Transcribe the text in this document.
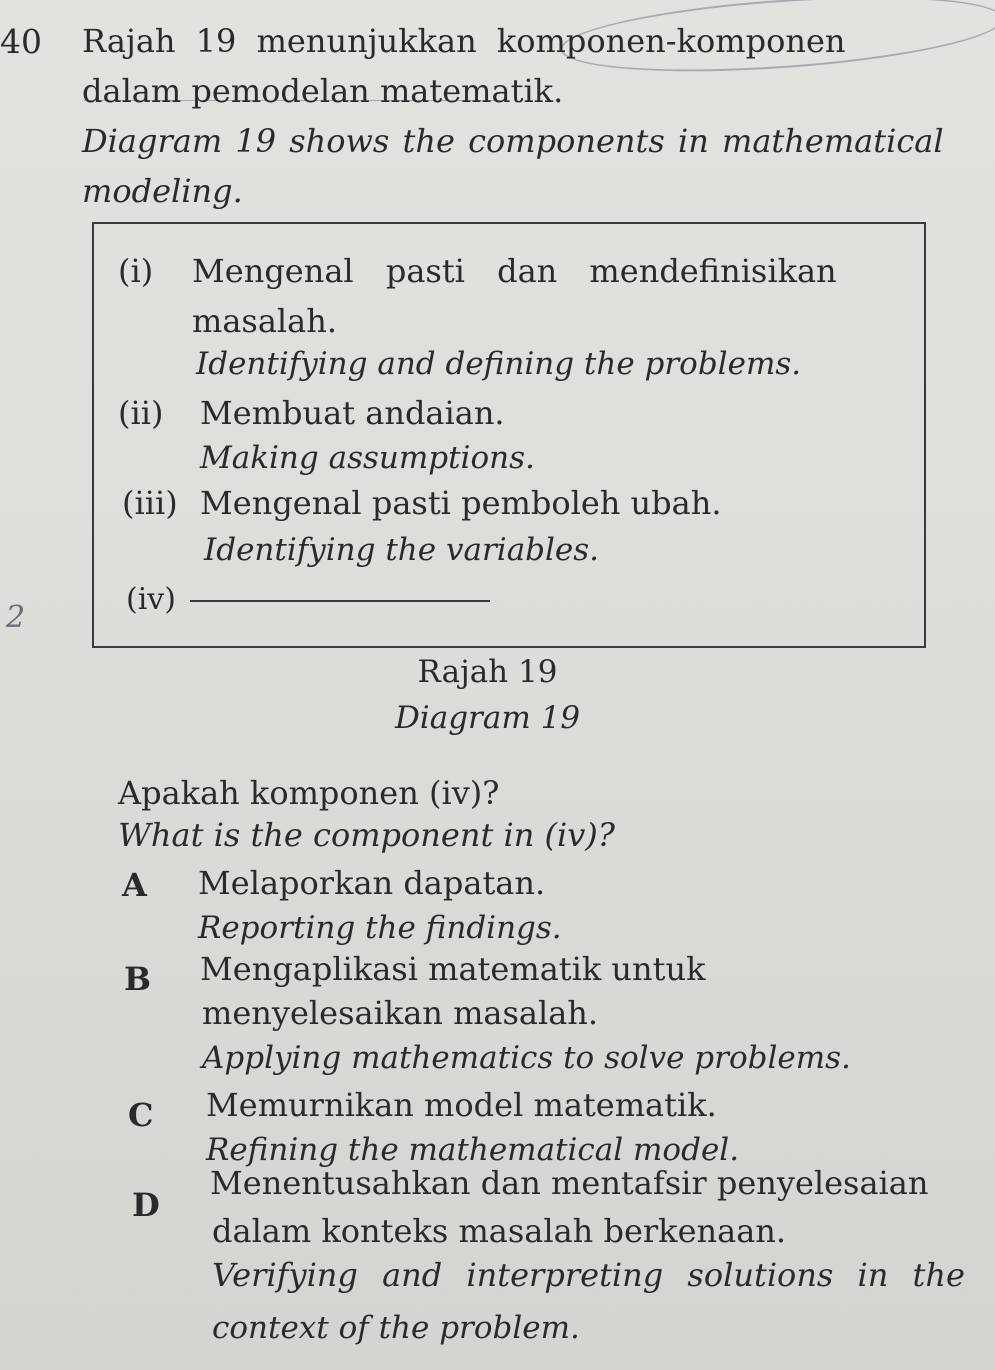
40 Rajah 19 menunjukkan komponen-komponen
dalam pemodelan matematik.
Diagram 19 shows the components in mathematical
modeling.
2
(i) Mengenal pasti dan mendefinisikan
masalah.
Identifying and defining the problems.
(ii) Membuat andaian.
Making assumptions.
(iii) Mengenal pasti pemboleh ubah.
Identifying the variables.
(iv)
Rajah 19
Diagram 19
Apakah komponen (iv)?
What is the component in (iv)?
A Melaporkan dapatan.
Reporting the findings.
B Mengaplikasi matematik untuk
menyelesaikan masalah.
Applying mathematics to solve problems.
C Memurnikan model matematik.
Refining the mathematical model.
D
Menentusahkan dan mentafsir penyelesaian
dalam konteks masalah berkenaan.
Verifying and interpreting solutions in the
context of the problem.
